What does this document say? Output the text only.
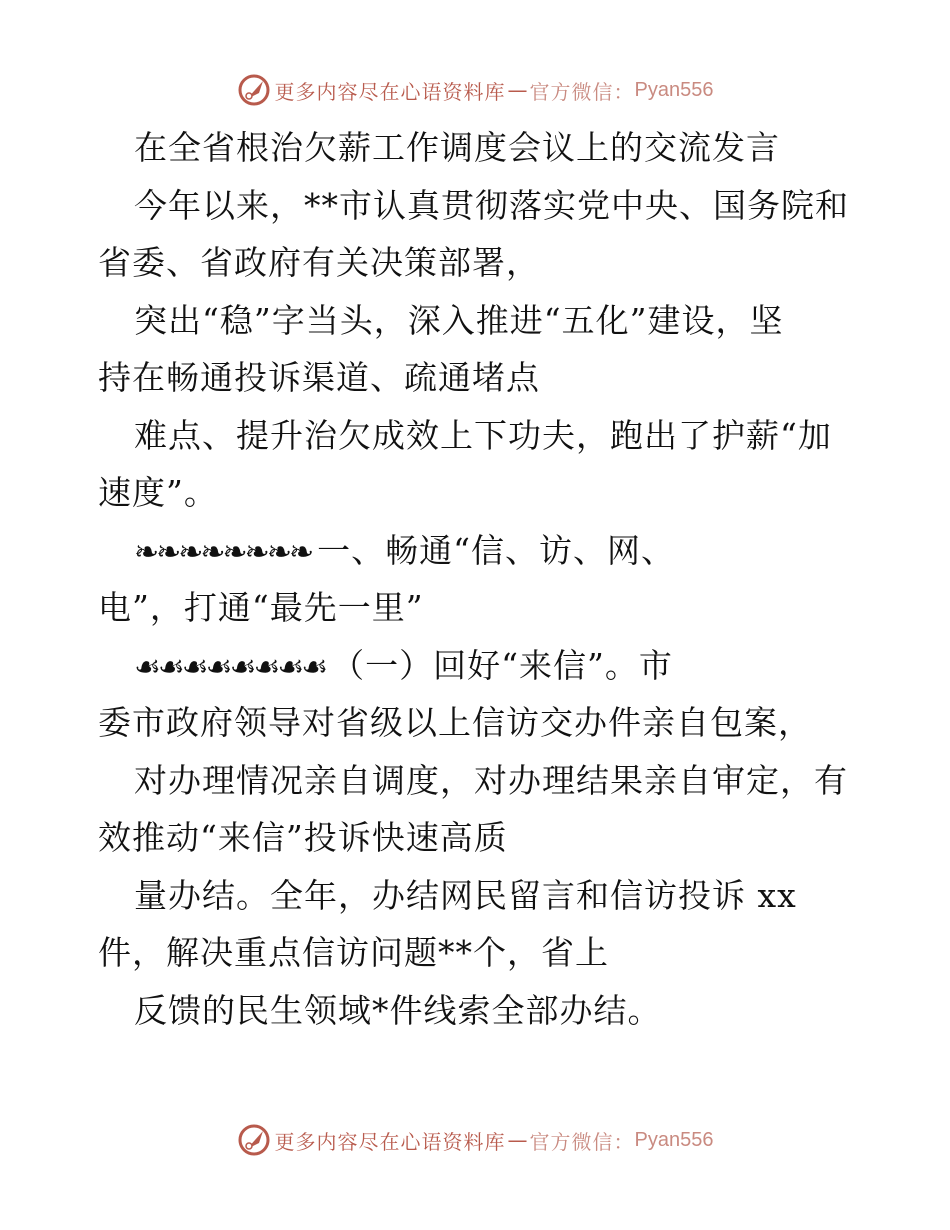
更多内容尽在心语资料库 — 官方微信： Pyan556
在全省根治欠薪工作调度会议上的交流发言
今年以来，**市认真贯彻落实党中央、国务院和
省委、省政府有关决策部署，
突出“稳”字当头，深入推进“五化”建设，坚
持在畅通投诉渠道、疏通堵点
难点、提升治欠成效上下功夫，跑出了护薪“加
速度”。
❧❧❧❧❧❧❧❧ 一、畅通“信、访、网、
电”，打通“最先一里”
☙☙☙☙☙☙☙☙ （一）回好“来信”。市
委市政府领导对省级以上信访交办件亲自包案，
对办理情况亲自调度，对办理结果亲自审定，有
效推动“来信”投诉快速高质
量办结。全年，办结网民留言和信访投诉 xx
件，解决重点信访问题**个，省上
反馈的民生领域*件线索全部办结。
更多内容尽在心语资料库 — 官方微信： Pyan556
